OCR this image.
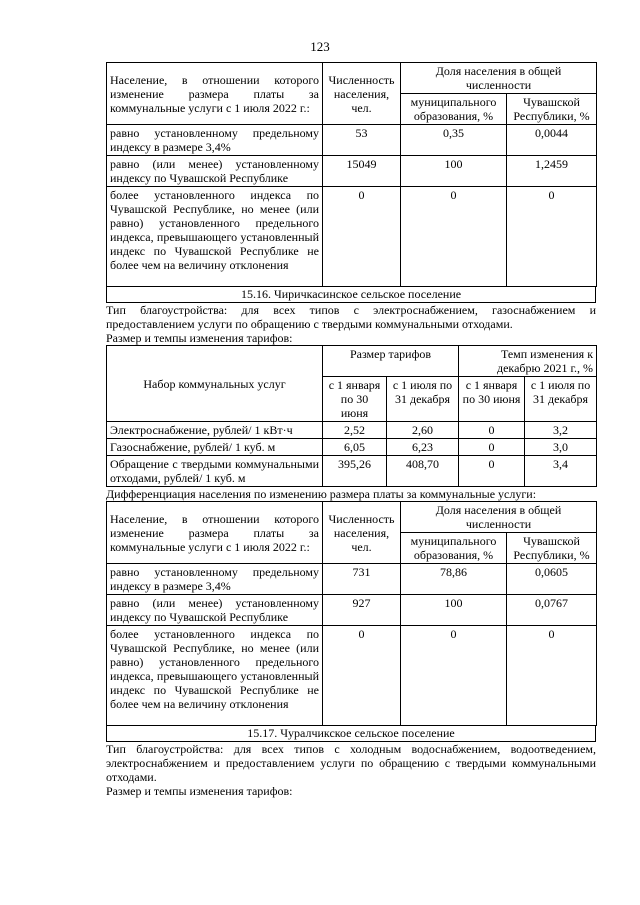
123
Население, в отношении которого изменение размера платы за коммунальные услуги с 1 июля 2022 г.:	Численность населения, чел.	Доля населения в общей численности	
		муниципального образования, %	Чувашской Республики, %
равно установленному предельному индексу в размере 3,4%	53	0,35	0,0044
равно (или менее) установленному индексу по Чувашской Республике	15049	100	1,2459
более установленного индекса по Чувашской Республике, но менее (или равно) установленного предельного индекса, превышающего установленный индекс по Чувашской Республике не более чем на величину отклонения	0	0	0
15.16. Чиричкасинское сельское поселение
Тип благоустройства: для всех типов с электроснабжением, газоснабжением и предоставлением услуги по обращению с твердыми коммунальными отходами.
Размер и темпы изменения тарифов:
Набор коммунальных услуг	Размер тарифов		Темп изменения к декабрю 2021 г., %	
	с 1 января по 30 июня	с 1 июля по 31 декабря	с 1 января по 30 июня	с 1 июля по 31 декабря
Электроснабжение, рублей/ 1 кВт·ч	2,52	2,60	0	3,2
Газоснабжение, рублей/ 1 куб. м	6,05	6,23	0	3,0
Обращение с твердыми коммунальными отходами, рублей/ 1 куб. м	395,26	408,70	0	3,4
Дифференциация населения по изменению размера платы за коммунальные услуги:
Население, в отношении которого изменение размера платы за коммунальные услуги с 1 июля 2022 г.:	Численность населения, чел.	Доля населения в общей численности	
		муниципального образования, %	Чувашской Республики, %
равно установленному предельному индексу в размере 3,4%	731	78,86	0,0605
равно (или менее) установленному индексу по Чувашской Республике	927	100	0,0767
более установленного индекса по Чувашской Республике, но менее (или равно) установленного предельного индекса, превышающего установленный индекс по Чувашской Республике не более чем на величину отклонения	0	0	0
15.17. Чуралчикское сельское поселение
Тип благоустройства: для всех типов с холодным водоснабжением, водоотведением, электроснабжением и предоставлением услуги по обращению с твердыми коммунальными отходами.
Размер и темпы изменения тарифов:
